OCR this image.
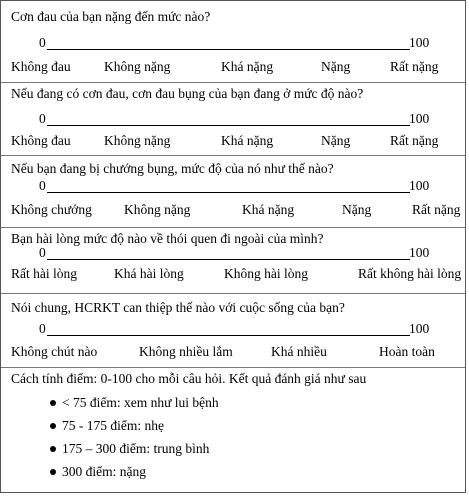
Cơn đau của bạn nặng đến mức nào?
0	100
Không đau Không nặng	Khá nặng	Nặng	Rất nặng
Nếu đang có cơn đau, cơn đau bụng của bạn đang ở mức độ nào?
0	100
Không đau Không nặng	Khá nặng	Nặng	Rất nặng
Nếu bạn đang bị chướng bụng, mức độ của nó như thế nào?
0	100
Không chướng Không nặng	Khá nặng	Nặng	Rất nặng
Bạn hài lòng mức độ nào về thói quen đi ngoài của mình?
0	100
Rất hài lòng	Khá hài lòng	Không hài lòng	Rất không hài lòng
Nói chung, HCRKT can thiệp thế nào với cuộc sống của bạn?
0	100
Không chút nào	Không nhiều lắm	Khá nhiều	Hoàn toàn
Cách tính điểm: 0-100 cho mỗi câu hỏi. Kết quả đánh giá như sau
< 75 điểm: xem như lui bệnh
75 - 175 điểm: nhẹ
175 – 300 điểm: trung bình
300 điểm: nặng
